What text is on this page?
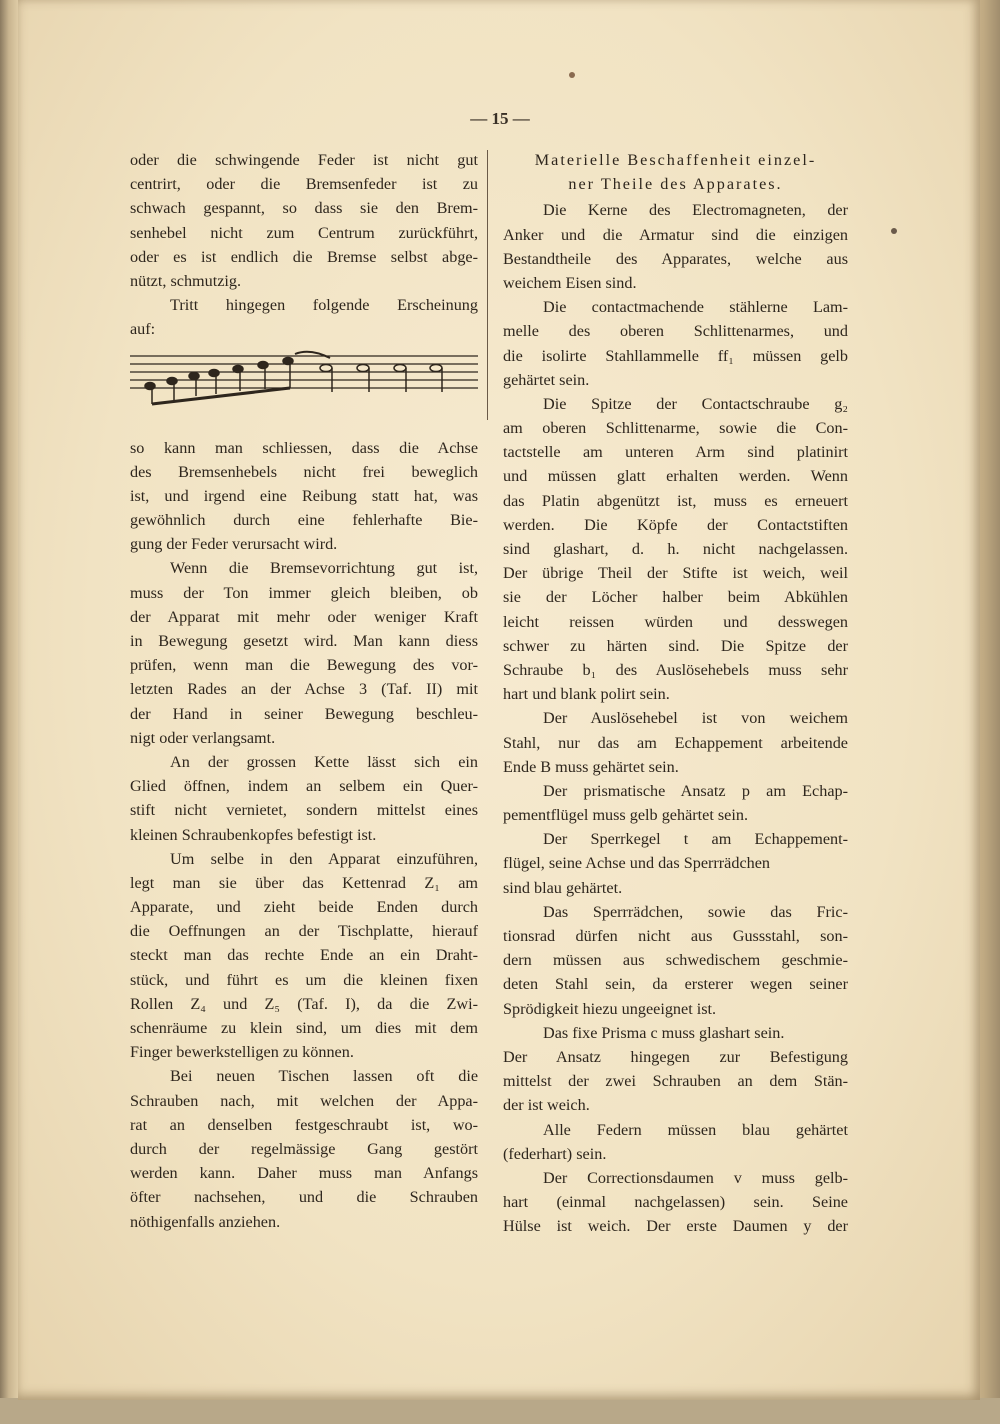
— 15 —
oder die schwingende Feder ist nicht gut
centrirt, oder die Bremsenfeder ist zu
schwach gespannt, so dass sie den Brem-
senhebel nicht zum Centrum zurückführt,
oder es ist endlich die Bremse selbst abge-
nützt, schmutzig.
Tritt hingegen folgende Erscheinung
auf:
so kann man schliessen, dass die Achse
des Bremsenhebels nicht frei beweglich
ist, und irgend eine Reibung statt hat, was
gewöhnlich durch eine fehlerhafte Bie-
gung der Feder verursacht wird.
Wenn die Bremsevorrichtung gut ist,
muss der Ton immer gleich bleiben, ob
der Apparat mit mehr oder weniger Kraft
in Bewegung gesetzt wird. Man kann diess
prüfen, wenn man die Bewegung des vor-
letzten Rades an der Achse 3 (Taf. II) mit
der Hand in seiner Bewegung beschleu-
nigt oder verlangsamt.
An der grossen Kette lässt sich ein
Glied öffnen, indem an selbem ein Quer-
stift nicht vernietet, sondern mittelst eines
kleinen Schraubenkopfes befestigt ist.
Um selbe in den Apparat einzuführen,
legt man sie über das Kettenrad Z₁ am
Apparate, und zieht beide Enden durch
die Oeffnungen an der Tischplatte, hierauf
steckt man das rechte Ende an ein Draht-
stück, und führt es um die kleinen fixen
Rollen Z₄ und Z₅ (Taf. I), da die Zwi-
schenräume zu klein sind, um dies mit dem
Finger bewerkstelligen zu können.
Bei neuen Tischen lassen oft die
Schrauben nach, mit welchen der Appa-
rat an denselben festgeschraubt ist, wo-
durch der regelmässige Gang gestört
werden kann. Daher muss man Anfangs
öfter nachsehen, und die Schrauben
nöthigenfalls anziehen.
Materielle Beschaffenheit einzel-
ner Theile des Apparates.
Die Kerne des Electromagneten, der
Anker und die Armatur sind die einzigen
Bestandtheile des Apparates, welche aus
weichem Eisen sind.
Die contactmachende stählerne Lam-
melle des oberen Schlittenarmes, und
die isolirte Stahllammelle ff₁ müssen gelb
gehärtet sein.
Die Spitze der Contactschraube g₂
am oberen Schlittenarme, sowie die Con-
tactstelle am unteren Arm sind platinirt
und müssen glatt erhalten werden. Wenn
das Platin abgenützt ist, muss es erneuert
werden. Die Köpfe der Contactstiften
sind glashart, d. h. nicht nachgelassen.
Der übrige Theil der Stifte ist weich, weil
sie der Löcher halber beim Abkühlen
leicht reissen würden und desswegen
schwer zu härten sind. Die Spitze der
Schraube b₁ des Auslösehebels muss sehr
hart und blank polirt sein.
Der Auslösehebel ist von weichem
Stahl, nur das am Echappement arbeitende
Ende B muss gehärtet sein.
Der prismatische Ansatz p am Echap-
pementflügel muss gelb gehärtet sein.
Der Sperrkegel t am Echappement-
flügel, seine Achse und das Sperrrädchen
sind blau gehärtet.
Das Sperrrädchen, sowie das Fric-
tionsrad dürfen nicht aus Gussstahl, son-
dern müssen aus schwedischem geschmie-
deten Stahl sein, da ersterer wegen seiner
Sprödigkeit hiezu ungeeignet ist.
Das fixe Prisma c muss glashart sein.
Der Ansatz hingegen zur Befestigung
mittelst der zwei Schrauben an dem Stän-
der ist weich.
Alle Federn müssen blau gehärtet
(federhart) sein.
Der Correctionsdaumen v muss gelb-
hart (einmal nachgelassen) sein. Seine
Hülse ist weich. Der erste Daumen y der
